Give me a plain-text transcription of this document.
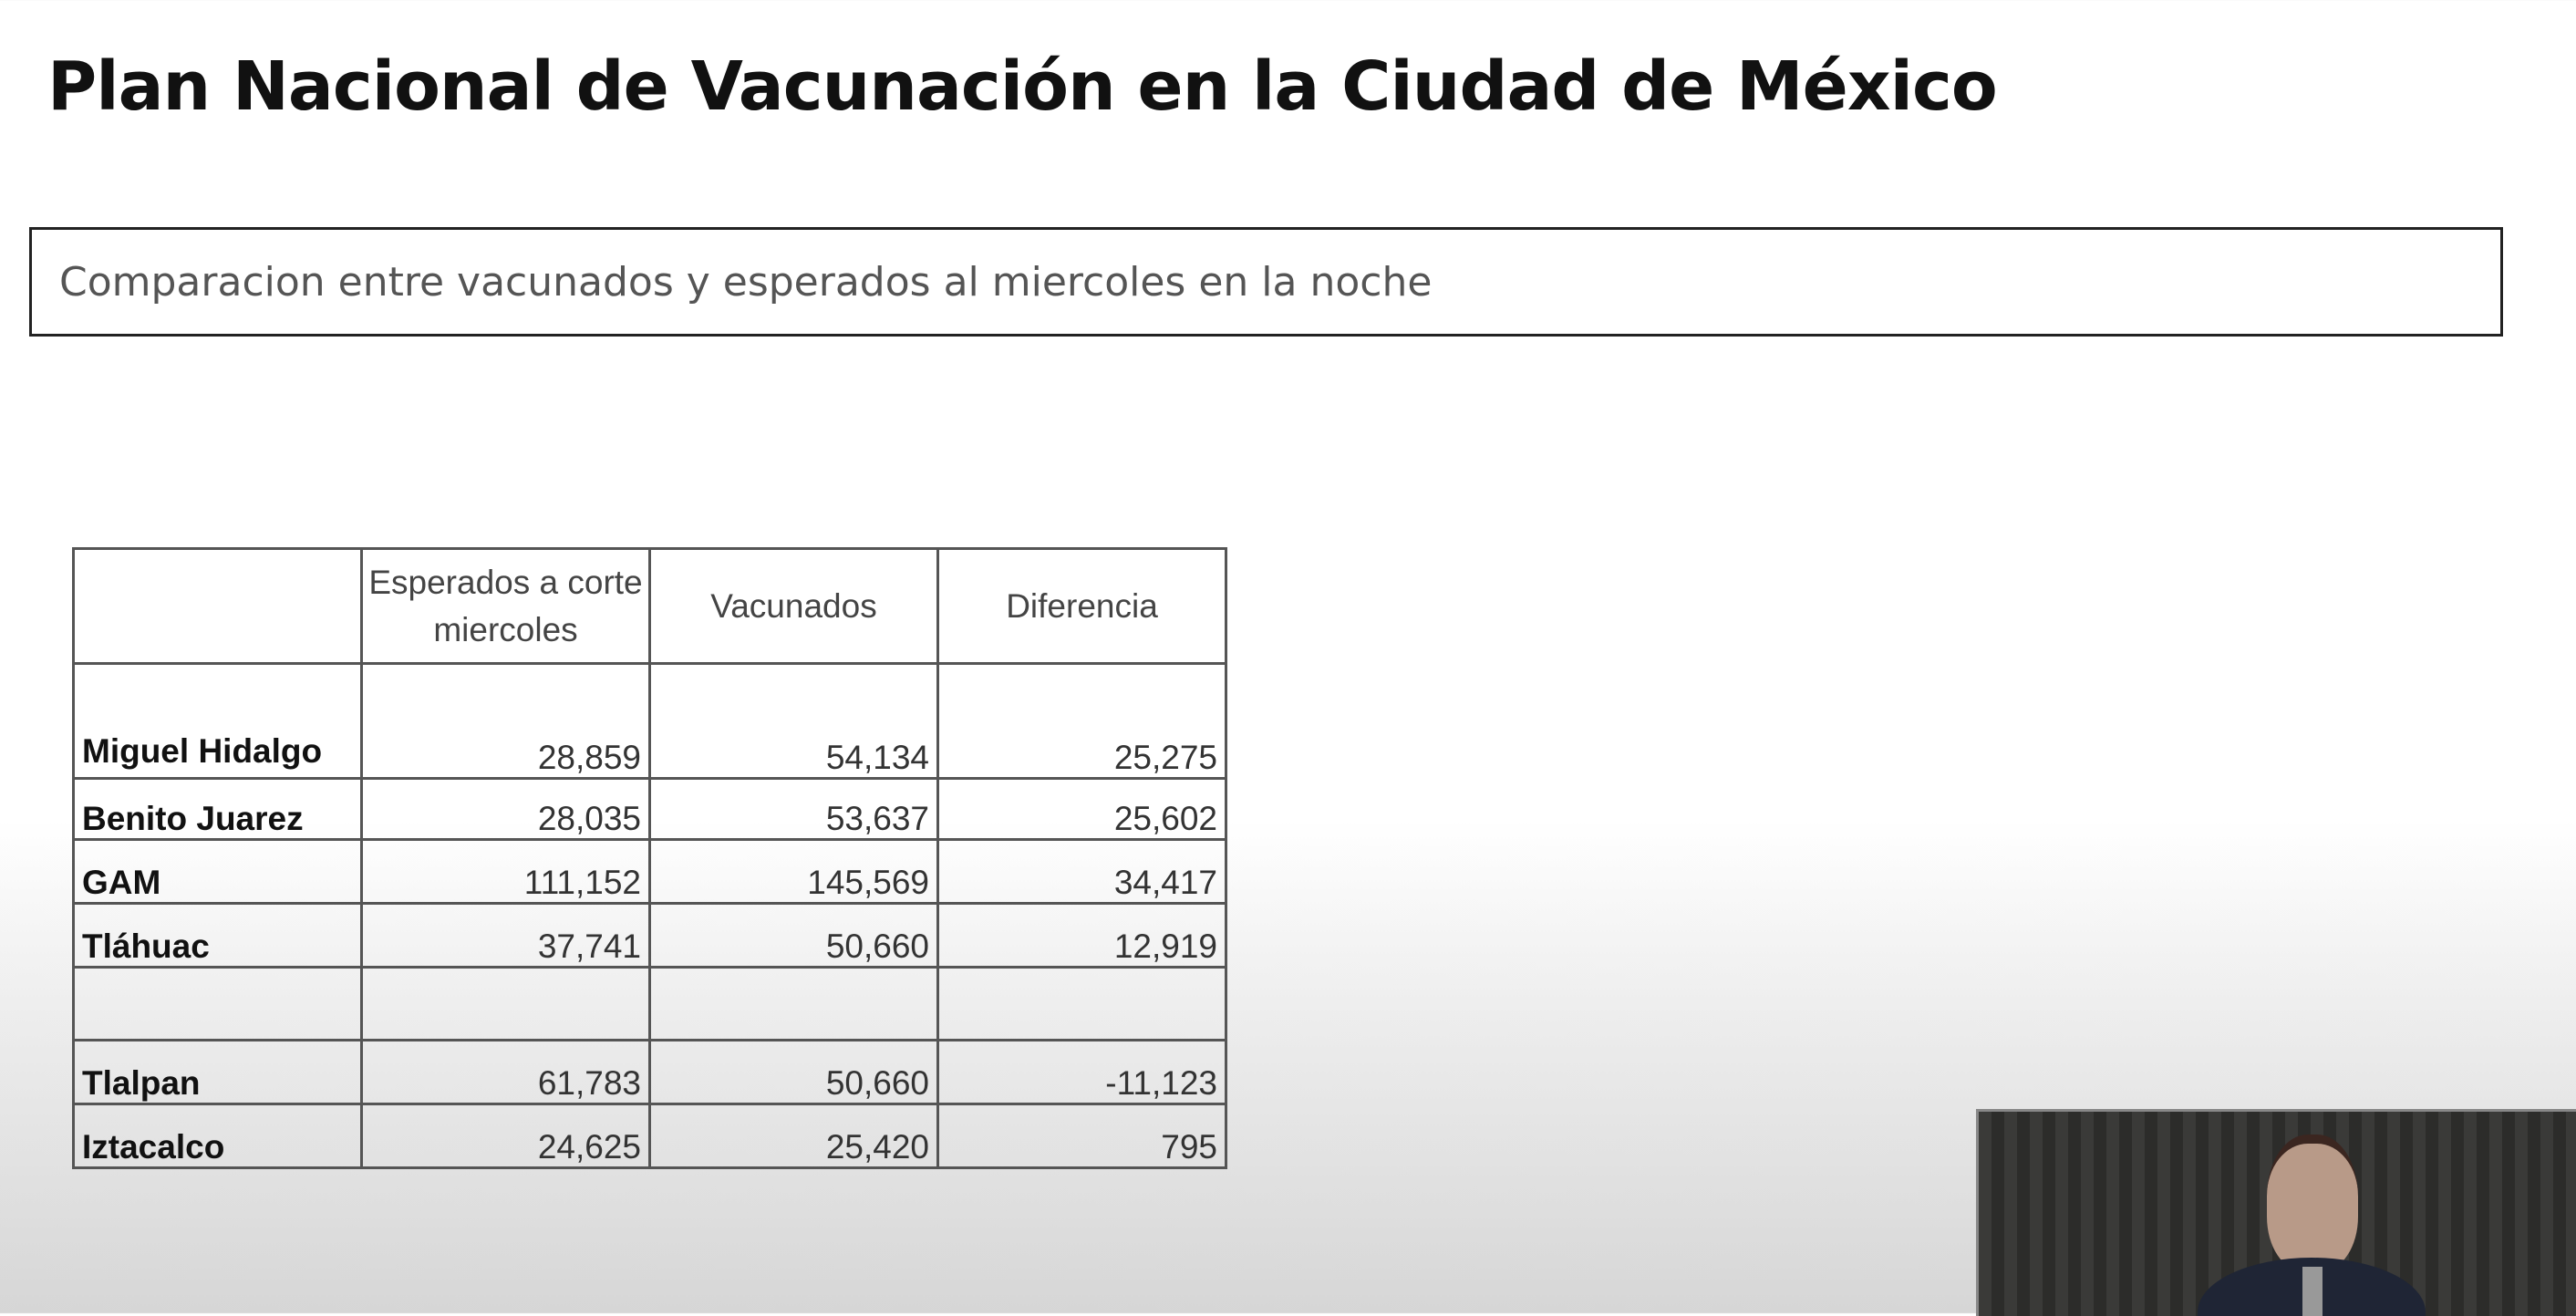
Plan Nacional de Vacunación en la Ciudad de México
Comparacion entre vacunados y esperados al miercoles en la noche
	Esperados a corte miercoles	Vacunados	Diferencia
Miguel Hidalgo	28,859	54,134	25,275
Benito Juarez	28,035	53,637	25,602
GAM	111,152	145,569	34,417
Tláhuac	37,741	50,660	12,919

Tlalpan	61,783	50,660	-11,123
Iztacalco	24,625	25,420	795
